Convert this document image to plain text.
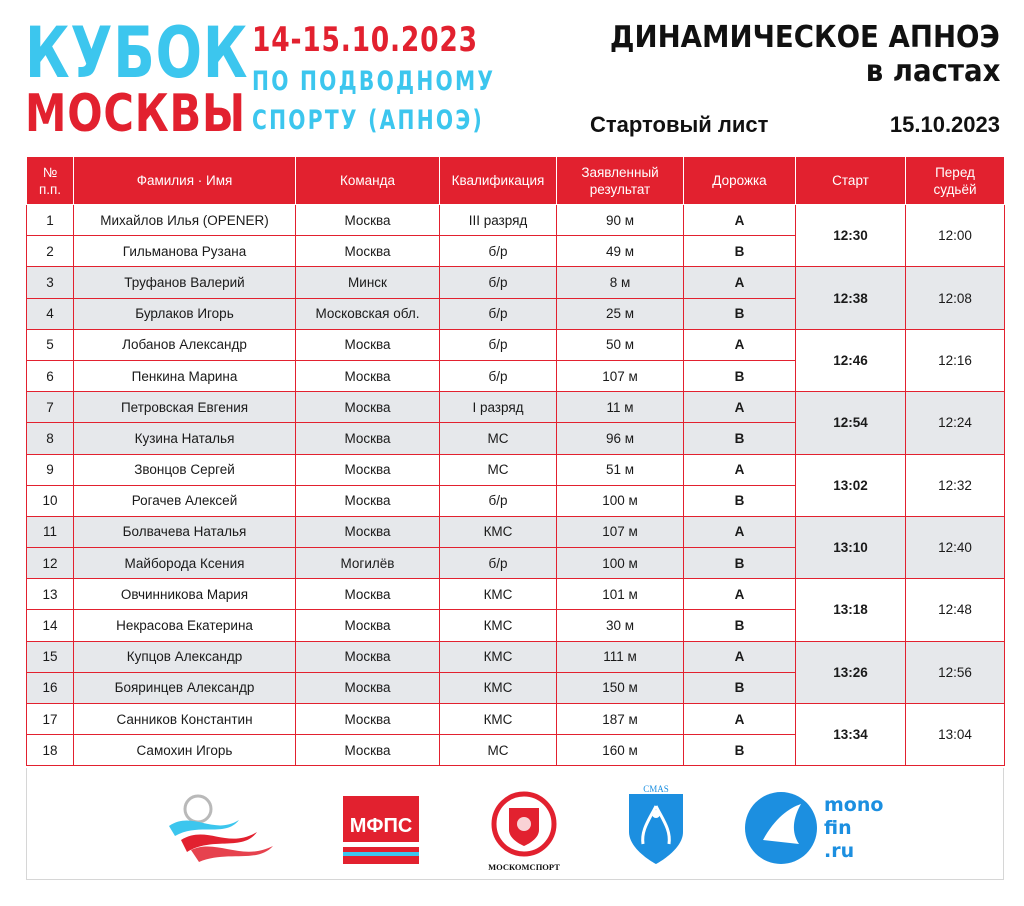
КУБОК
МОСКВЫ
14-15.10.2023
ПО ПОДВОДНОМУ
СПОРТУ (АПНОЭ)
ДИНАМИЧЕСКОЕ АПНОЭ
в ластах
Стартовый лист	15.10.2023
№
п.п.	Фамилия · Имя	Команда	Квалификация	Заявленный
результат	Дорожка	Старт	Перед
судьёй
1	Михайлов Илья (OPENER)	Москва	III разряд	90 м	A	12:30	12:00
2	Гильманова Рузана	Москва	б/р	49 м	B		
3	Труфанов Валерий	Минск	б/р	8 м	A	12:38	12:08
4	Бурлаков Игорь	Московская обл.	б/р	25 м	B		
5	Лобанов Александр	Москва	б/р	50 м	A	12:46	12:16
6	Пенкина Марина	Москва	б/р	107 м	B		
7	Петровская Евгения	Москва	I разряд	11 м	A	12:54	12:24
8	Кузина Наталья	Москва	МС	96 м	B		
9	Звонцов Сергей	Москва	МС	51 м	A	13:02	12:32
10	Рогачев Алексей	Москва	б/р	100 м	B		
11	Болвачева Наталья	Москва	КМС	107 м	A	13:10	12:40
12	Майборода Ксения	Могилёв	б/р	100 м	B		
13	Овчинникова Мария	Москва	КМС	101 м	A	13:18	12:48
14	Некрасова Екатерина	Москва	КМС	30 м	B		
15	Купцов Александр	Москва	КМС	111 м	A	13:26	12:56
16	Бояринцев Александр	Москва	КМС	150 м	B		
17	Санников Константин	Москва	КМС	187 м	A	13:34	13:04
18	Самохин Игорь	Москва	МС	160 м	B		
МФПС
МОСКОМСПОРТ
CMAS
mono
fin
.ru
